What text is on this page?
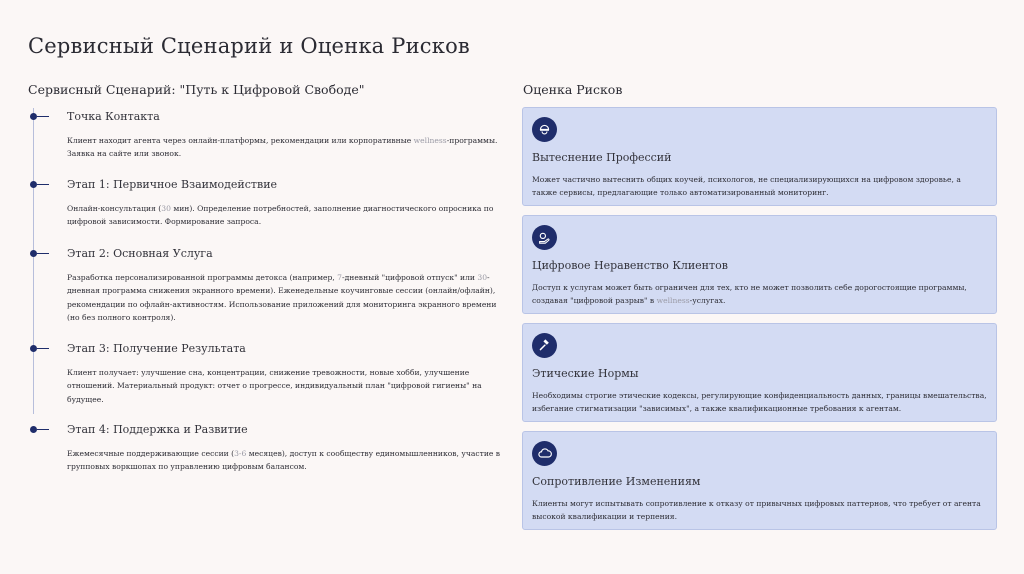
Сервисный Сценарий и Оценка Рисков
Сервисный Сценарий: "Путь к Цифровой Свободе"	Оценка Рисков
Точка Контакта
Клиент находит агента через онлайн-платформы, рекомендации или корпоративные wellness-программы. Заявка на сайте или звонок.
Этап 1: Первичное Взаимодействие
Онлайн-консультация (30 мин). Определение потребностей, заполнение диагностического опросника по цифровой зависимости. Формирование запроса.
Этап 2: Основная Услуга
Разработка персонализированной программы детокса (например, 7-дневный "цифровой отпуск" или 30-дневная программа снижения экранного времени). Еженедельные коучинговые сессии (онлайн/офлайн), рекомендации по офлайн-активностям. Использование приложений для мониторинга экранного времени (но без полного контроля).
Этап 3: Получение Результата
Клиент получает: улучшение сна, концентрации, снижение тревожности, новые хобби, улучшение отношений. Материальный продукт: отчет о прогрессе, индивидуальный план "цифровой гигиены" на будущее.
Этап 4: Поддержка и Развитие
Ежемесячные поддерживающие сессии (3-6 месяцев), доступ к сообществу единомышленников, участие в групповых воркшопах по управлению цифровым балансом.
Вытеснение Профессий
Может частично вытеснить общих коучей, психологов, не специализирующихся на цифровом здоровье, а также сервисы, предлагающие только автоматизированный мониторинг.
Цифровое Неравенство Клиентов
Доступ к услугам может быть ограничен для тех, кто не может позволить себе дорогостоящие программы, создавая "цифровой разрыв" в wellness-услугах.
Этические Нормы
Необходимы строгие этические кодексы, регулирующие конфиденциальность данных, границы вмешательства, избегание стигматизации "зависимых", а также квалификационные требования к агентам.
Сопротивление Изменениям
Клиенты могут испытывать сопротивление к отказу от привычных цифровых паттернов, что требует от агента высокой квалификации и терпения.
